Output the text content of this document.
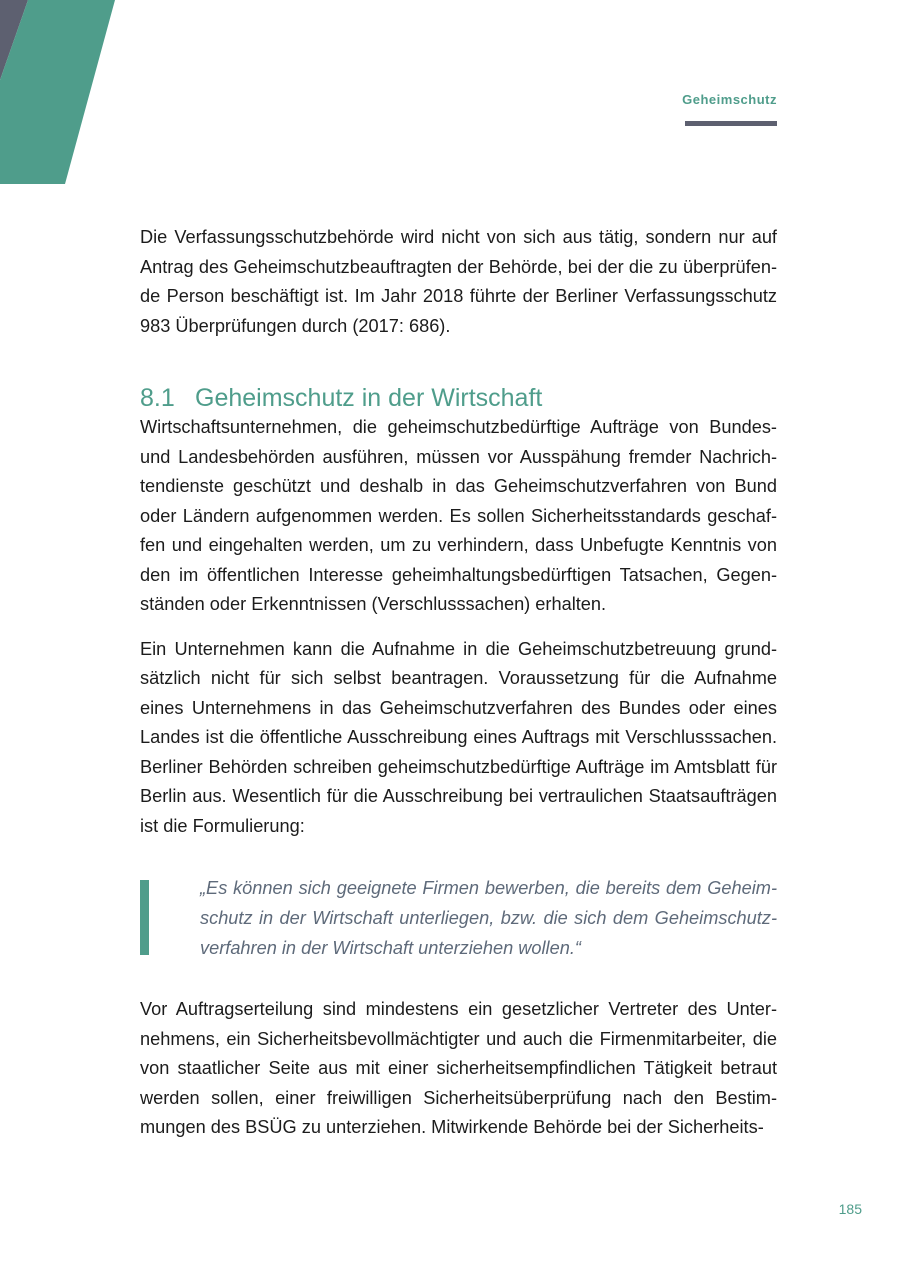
Geheimschutz

Die Verfassungsschutzbehörde wird nicht von sich aus tätig, sondern nur auf Antrag des Geheimschutzbeauftragten der Behörde, bei der die zu überprüfende Person beschäftigt ist. Im Jahr 2018 führte der Berliner Verfassungsschutz 983 Überprüfungen durch (2017: 686).

8.1 Geheimschutz in der Wirtschaft

Wirtschaftsunternehmen, die geheimschutzbedürftige Aufträge von Bundes- und Landesbehörden ausführen, müssen vor Ausspähung fremder Nachrichtendienste geschützt und deshalb in das Geheimschutzverfahren von Bund oder Ländern aufgenommen werden. Es sollen Sicherheitsstandards geschaffen und eingehalten werden, um zu verhindern, dass Unbefugte Kenntnis von den im öffentlichen Interesse geheimhaltungsbedürftigen Tatsachen, Gegenständen oder Erkenntnissen (Verschlusssachen) erhalten.

Ein Unternehmen kann die Aufnahme in die Geheimschutzbetreuung grundsätzlich nicht für sich selbst beantragen. Voraussetzung für die Aufnahme eines Unternehmens in das Geheimschutzverfahren des Bundes oder eines Landes ist die öffentliche Ausschreibung eines Auftrags mit Verschlusssachen. Berliner Behörden schreiben geheimschutzbedürftige Aufträge im Amtsblatt für Berlin aus. Wesentlich für die Ausschreibung bei vertraulichen Staatsaufträgen ist die Formulierung:

„Es können sich geeignete Firmen bewerben, die bereits dem Geheimschutz in der Wirtschaft unterliegen, bzw. die sich dem Geheimschutzverfahren in der Wirtschaft unterziehen wollen.“

Vor Auftragserteilung sind mindestens ein gesetzlicher Vertreter des Unternehmens, ein Sicherheitsbevollmächtigter und auch die Firmenmitarbeiter, die von staatlicher Seite aus mit einer sicherheitsempfindlichen Tätigkeit betraut werden sollen, einer freiwilligen Sicherheitsüberprüfung nach den Bestimmungen des BSÜG zu unterziehen. Mitwirkende Behörde bei der Sicherheits-

185
